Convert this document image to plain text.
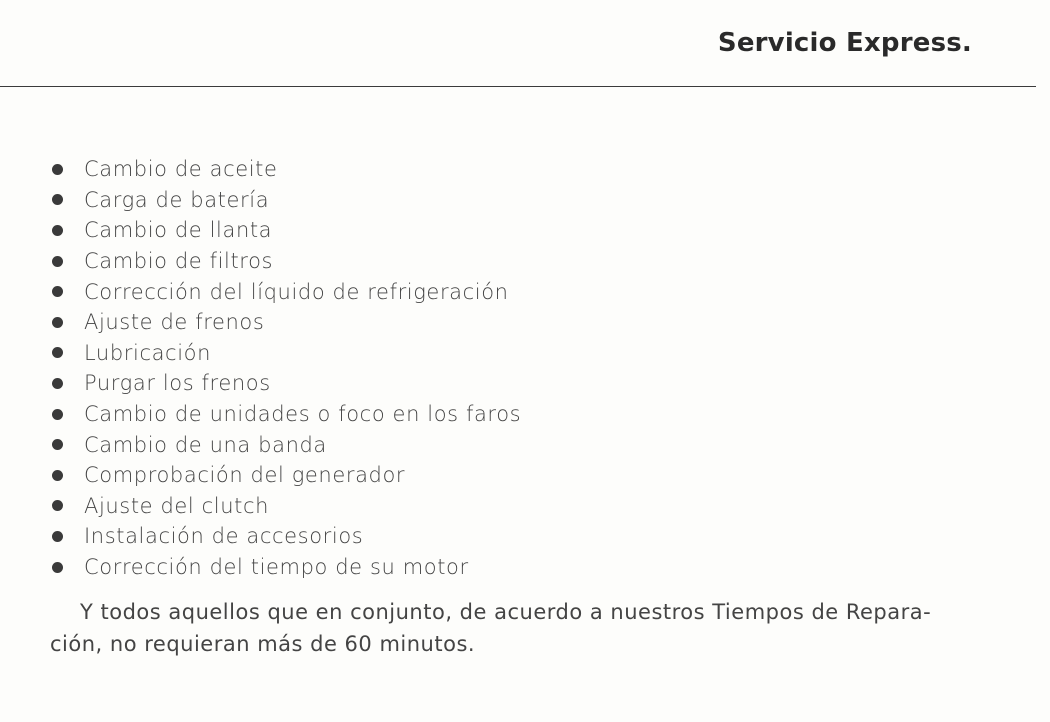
Servicio Express.
Cambio de aceite
Carga de batería
Cambio de llanta
Cambio de filtros
Corrección del líquido de refrigeración
Ajuste de frenos
Lubricación
Purgar los frenos
Cambio de unidades o foco en los faros
Cambio de una banda
Comprobación del generador
Ajuste del clutch
Instalación de accesorios
Corrección del tiempo de su motor

Y todos aquellos que en conjunto, de acuerdo a nuestros Tiempos de Repara-
ción, no requieran más de 60 minutos.
